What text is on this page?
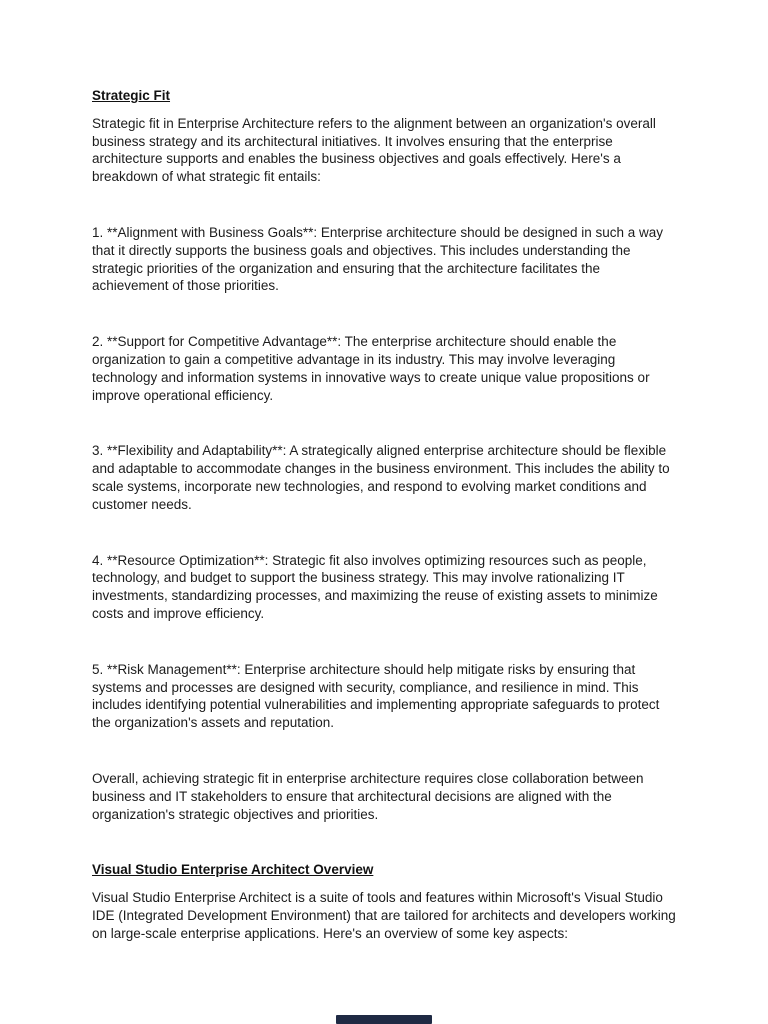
Strategic Fit

Strategic fit in Enterprise Architecture refers to the alignment between an organization's overall business strategy and its architectural initiatives. It involves ensuring that the enterprise architecture supports and enables the business objectives and goals effectively. Here's a breakdown of what strategic fit entails:

1. **Alignment with Business Goals**: Enterprise architecture should be designed in such a way that it directly supports the business goals and objectives. This includes understanding the strategic priorities of the organization and ensuring that the architecture facilitates the achievement of those priorities.

2. **Support for Competitive Advantage**: The enterprise architecture should enable the organization to gain a competitive advantage in its industry. This may involve leveraging technology and information systems in innovative ways to create unique value propositions or improve operational efficiency.

3. **Flexibility and Adaptability**: A strategically aligned enterprise architecture should be flexible and adaptable to accommodate changes in the business environment. This includes the ability to scale systems, incorporate new technologies, and respond to evolving market conditions and customer needs.

4. **Resource Optimization**: Strategic fit also involves optimizing resources such as people, technology, and budget to support the business strategy. This may involve rationalizing IT investments, standardizing processes, and maximizing the reuse of existing assets to minimize costs and improve efficiency.

5. **Risk Management**: Enterprise architecture should help mitigate risks by ensuring that systems and processes are designed with security, compliance, and resilience in mind. This includes identifying potential vulnerabilities and implementing appropriate safeguards to protect the organization's assets and reputation.

Overall, achieving strategic fit in enterprise architecture requires close collaboration between business and IT stakeholders to ensure that architectural decisions are aligned with the organization's strategic objectives and priorities.

Visual Studio Enterprise Architect Overview

Visual Studio Enterprise Architect is a suite of tools and features within Microsoft's Visual Studio IDE (Integrated Development Environment) that are tailored for architects and developers working on large-scale enterprise applications. Here's an overview of some key aspects:
